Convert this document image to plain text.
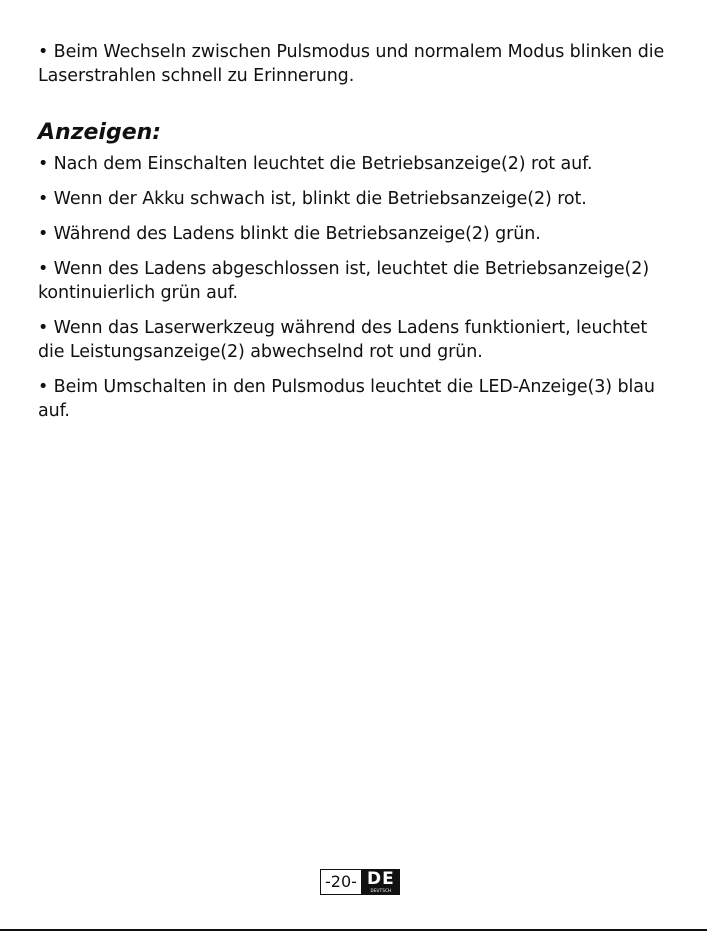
• Beim Wechseln zwischen Pulsmodus und normalem Modus blinken die Laserstrahlen schnell zu Erinnerung.

Anzeigen:

• Nach dem Einschalten leuchtet die Betriebsanzeige(2) rot auf.

• Wenn der Akku schwach ist, blinkt die Betriebsanzeige(2) rot.

• Während des Ladens blinkt die Betriebsanzeige(2) grün.

• Wenn des Ladens abgeschlossen ist, leuchtet die Betriebsanzeige(2) kontinuierlich grün auf.

• Wenn das Laserwerkzeug während des Ladens funktioniert, leuchtet die Leistungsanzeige(2) abwechselnd rot und grün.

• Beim Umschalten in den Pulsmodus leuchtet die LED-Anzeige(3) blau auf.

-20- DE
DEUTSCH
